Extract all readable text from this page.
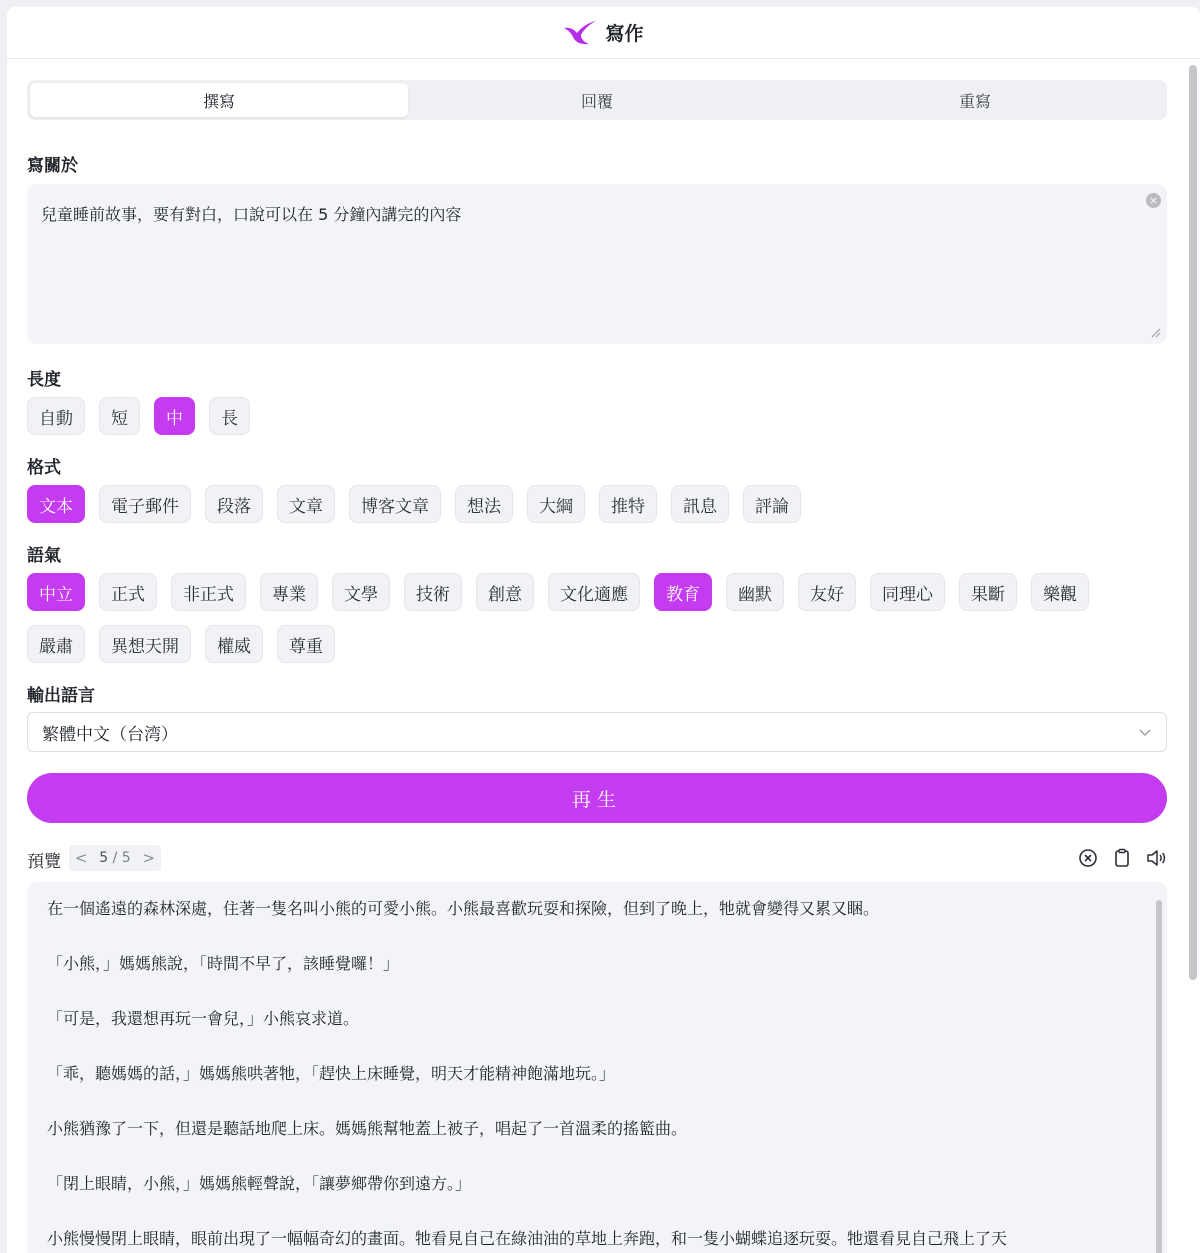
寫作
撰寫	回覆	重寫
寫關於
兒童睡前故事，要有對白，口說可以在 5 分鐘內講完的內容
×
長度
自動	短	中	長
格式
文本	電子郵件	段落	文章	博客文章	想法	大綱	推特	訊息	評論
語氣
中立	正式	非正式	專業	文學	技術	創意	文化適應	教育	幽默	友好	同理心	果斷	樂觀
嚴肅	異想天開	權威	尊重
輸出語言
繁體中文（台湾）
再生
預覽 < 5 / 5 >

在一個遙遠的森林深處，住著一隻名叫小熊的可愛小熊。小熊最喜歡玩耍和探險，但到了晚上，牠就會變得又累又睏。

「小熊，」媽媽熊說，「時間不早了，該睡覺囉！」

「可是，我還想再玩一會兒，」小熊哀求道。

「乖，聽媽媽的話，」媽媽熊哄著牠，「趕快上床睡覺，明天才能精神飽滿地玩。」

小熊猶豫了一下，但還是聽話地爬上床。媽媽熊幫牠蓋上被子，唱起了一首溫柔的搖籃曲。

「閉上眼睛，小熊，」媽媽熊輕聲說，「讓夢鄉帶你到遠方。」

小熊慢慢閉上眼睛，眼前出現了一幅幅奇幻的畫面。牠看見自己在綠油油的草地上奔跑，和一隻小蝴蝶追逐玩耍。牠還看見自己飛上了天
